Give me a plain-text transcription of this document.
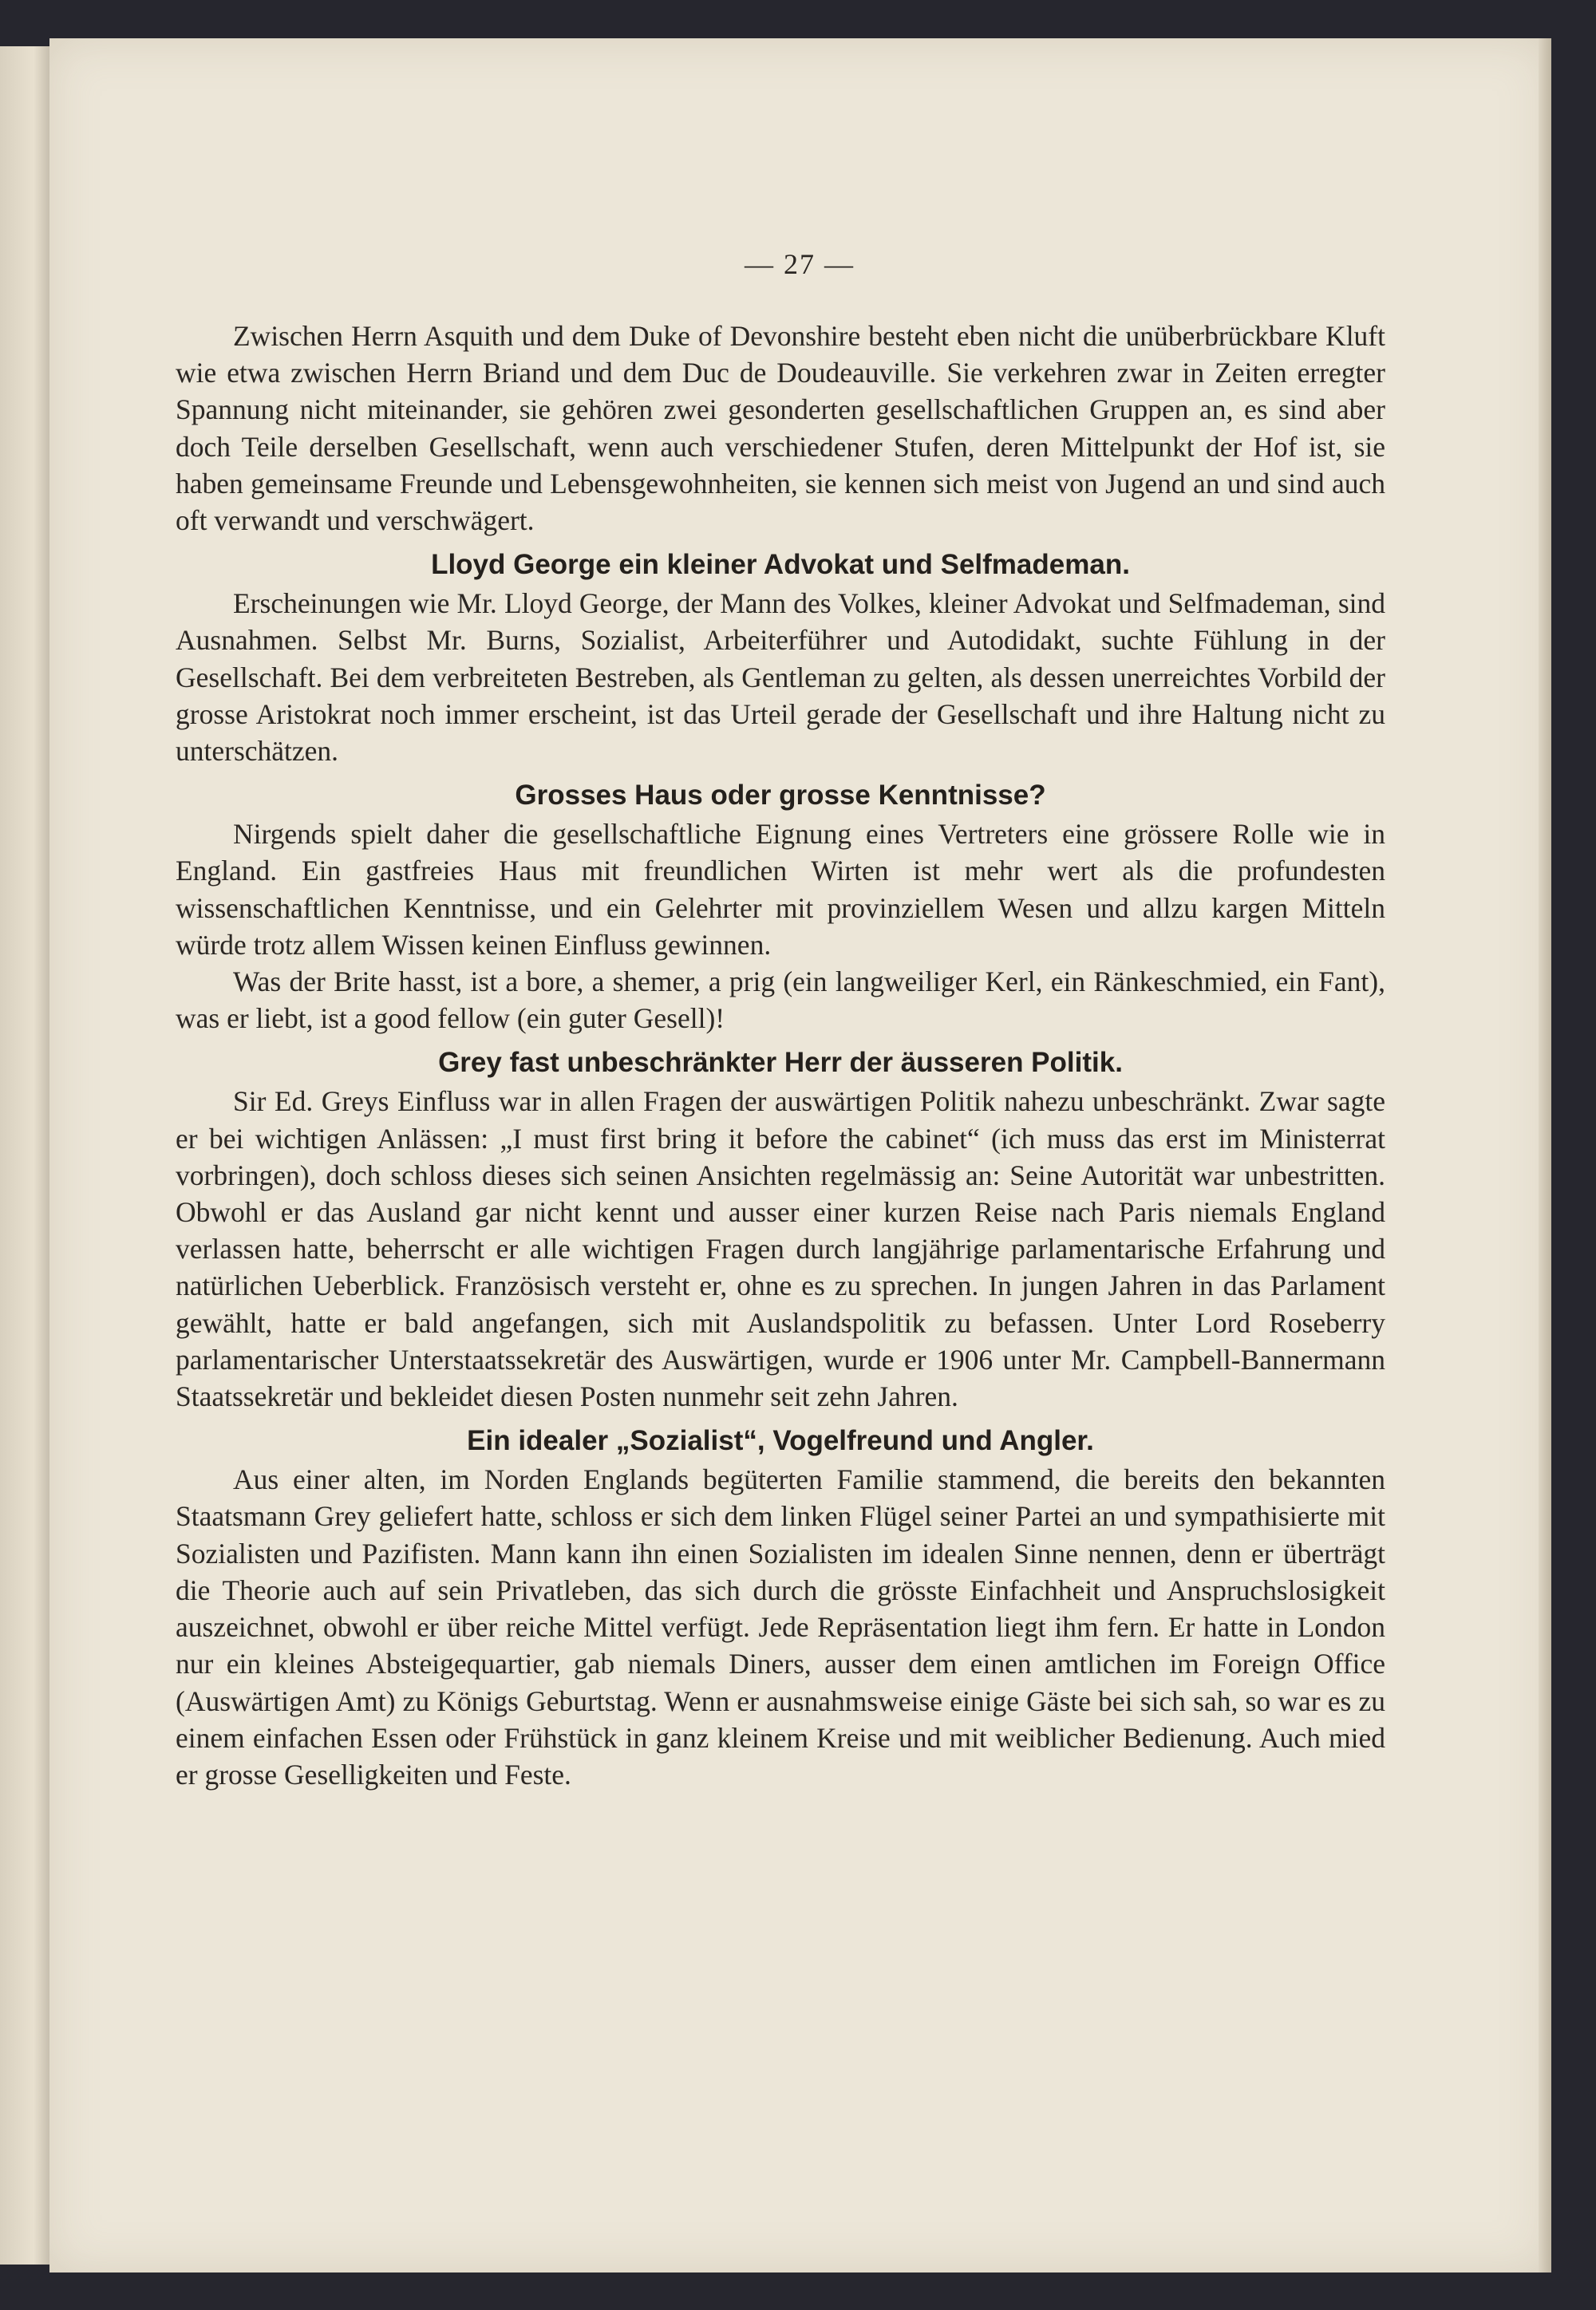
— 27 —

Zwischen Herrn Asquith und dem Duke of Devonshire besteht eben nicht die unüberbrückbare Kluft wie etwa zwischen Herrn Briand und dem Duc de Doudeauville. Sie verkehren zwar in Zeiten erregter Spannung nicht miteinander, sie gehören zwei gesonderten gesellschaftlichen Gruppen an, es sind aber doch Teile derselben Gesellschaft, wenn auch verschiedener Stufen, deren Mittelpunkt der Hof ist, sie haben gemeinsame Freunde und Lebensgewohnheiten, sie kennen sich meist von Jugend an und sind auch oft verwandt und verschwägert.

Lloyd George ein kleiner Advokat und Selfmademan.

Erscheinungen wie Mr. Lloyd George, der Mann des Volkes, kleiner Advokat und Selfmademan, sind Ausnahmen. Selbst Mr. Burns, Sozialist, Arbeiterführer und Autodidakt, suchte Fühlung in der Gesellschaft. Bei dem verbreiteten Bestreben, als Gentleman zu gelten, als dessen unerreichtes Vorbild der grosse Aristokrat noch immer erscheint, ist das Urteil gerade der Gesellschaft und ihre Haltung nicht zu unterschätzen.

Grosses Haus oder grosse Kenntnisse?

Nirgends spielt daher die gesellschaftliche Eignung eines Vertreters eine grössere Rolle wie in England. Ein gastfreies Haus mit freundlichen Wirten ist mehr wert als die profundesten wissenschaftlichen Kenntnisse, und ein Gelehrter mit provinziellem Wesen und allzu kargen Mitteln würde trotz allem Wissen keinen Einfluss gewinnen.

Was der Brite hasst, ist a bore, a shemer, a prig (ein langweiliger Kerl, ein Ränkeschmied, ein Fant), was er liebt, ist a good fellow (ein guter Gesell)!

Grey fast unbeschränkter Herr der äusseren Politik.

Sir Ed. Greys Einfluss war in allen Fragen der auswärtigen Politik nahezu unbeschränkt. Zwar sagte er bei wichtigen Anlässen: „I must first bring it before the cabinet“ (ich muss das erst im Ministerrat vorbringen), doch schloss dieses sich seinen Ansichten regelmässig an: Seine Autorität war unbestritten. Obwohl er das Ausland gar nicht kennt und ausser einer kurzen Reise nach Paris niemals England verlassen hatte, beherrscht er alle wichtigen Fragen durch langjährige parlamentarische Erfahrung und natürlichen Ueberblick. Französisch versteht er, ohne es zu sprechen. In jungen Jahren in das Parlament gewählt, hatte er bald angefangen, sich mit Auslandspolitik zu befassen. Unter Lord Roseberry parlamentarischer Unterstaatssekretär des Auswärtigen, wurde er 1906 unter Mr. Campbell-Bannermann Staatssekretär und bekleidet diesen Posten nunmehr seit zehn Jahren.

Ein idealer „Sozialist“, Vogelfreund und Angler.

Aus einer alten, im Norden Englands begüterten Familie stammend, die bereits den bekannten Staatsmann Grey geliefert hatte, schloss er sich dem linken Flügel seiner Partei an und sympathisierte mit Sozialisten und Pazifisten. Mann kann ihn einen Sozialisten im idealen Sinne nennen, denn er überträgt die Theorie auch auf sein Privatleben, das sich durch die grösste Einfachheit und Anspruchslosigkeit auszeichnet, obwohl er über reiche Mittel verfügt. Jede Repräsentation liegt ihm fern. Er hatte in London nur ein kleines Absteigequartier, gab niemals Diners, ausser dem einen amtlichen im Foreign Office (Auswärtigen Amt) zu Königs Geburtstag. Wenn er ausnahmsweise einige Gäste bei sich sah, so war es zu einem einfachen Essen oder Frühstück in ganz kleinem Kreise und mit weiblicher Bedienung. Auch mied er grosse Geselligkeiten und Feste.
